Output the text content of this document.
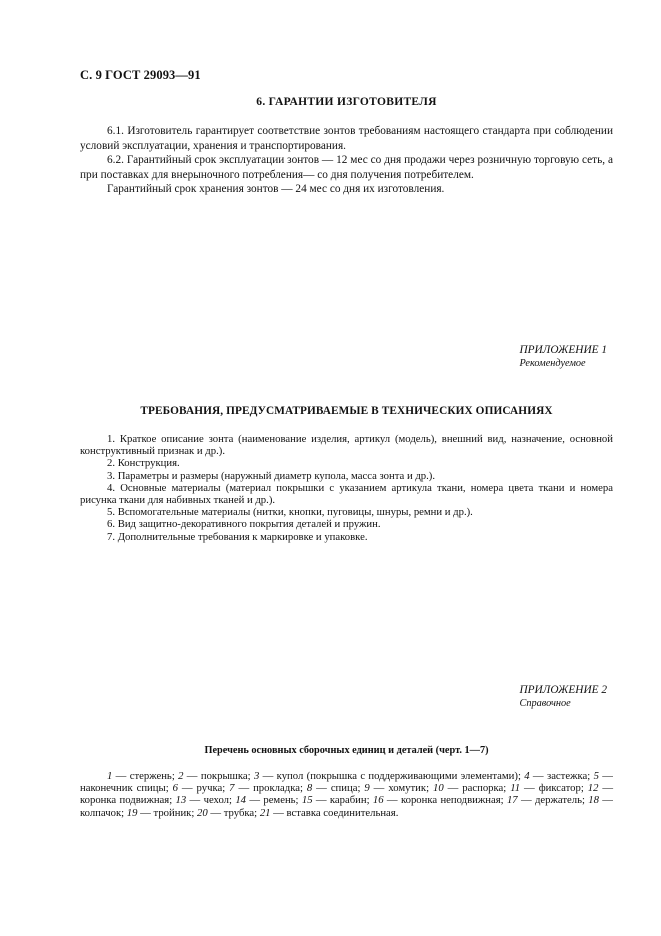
С. 9 ГОСТ 29093—91
6. ГАРАНТИИ ИЗГОТОВИТЕЛЯ

6.1. Изготовитель гарантирует соответствие зонтов требованиям настоящего стандарта при соблюдении условий эксплуатации, хранения и транспортирования.

6.2. Гарантийный срок эксплуатации зонтов — 12 мес со дня продажи через розничную торговую сеть, а при поставках для внерыночного потребления— со дня получения потребителем.

Гарантийный срок хранения зонтов — 24 мес со дня их изготовления.

ПРИЛОЖЕНИЕ 1
Рекомендуемое
ТРЕБОВАНИЯ, ПРЕДУСМАТРИВАЕМЫЕ В ТЕХНИЧЕСКИХ ОПИСАНИЯХ
1. Краткое описание зонта (наименование изделия, артикул (модель), внешний вид, назначение, основной конструктивный признак и др.).
2. Конструкция.
3. Параметры и размеры (наружный диаметр купола, масса зонта и др.).
4. Основные материалы (материал покрышки с указанием артикула ткани, номера цвета ткани и номера рисунка ткани для набивных тканей и др.).
5. Вспомогательные материалы (нитки, кнопки, пуговицы, шнуры, ремни и др.).
6. Вид защитно-декоративного покрытия деталей и пружин.
7. Дополнительные требования к маркировке и упаковке.
ПРИЛОЖЕНИЕ 2
Справочное
Перечень основных сборочных единиц и деталей (черт. 1—7)
1 — стержень; 2 — покрышка; 3 — купол (покрышка с поддерживающими элементами); 4 — застежка; 5 — наконечник спицы; 6 — ручка; 7 — прокладка; 8 — спица; 9 — хомутик; 10 — распорка; 11 — фиксатор; 12 — коронка подвижная; 13 — чехол; 14 — ремень; 15 — карабин; 16 — коронка неподвижная; 17 — держатель; 18 — колпачок; 19 — тройник; 20 — трубка; 21 — вставка соединительная.
